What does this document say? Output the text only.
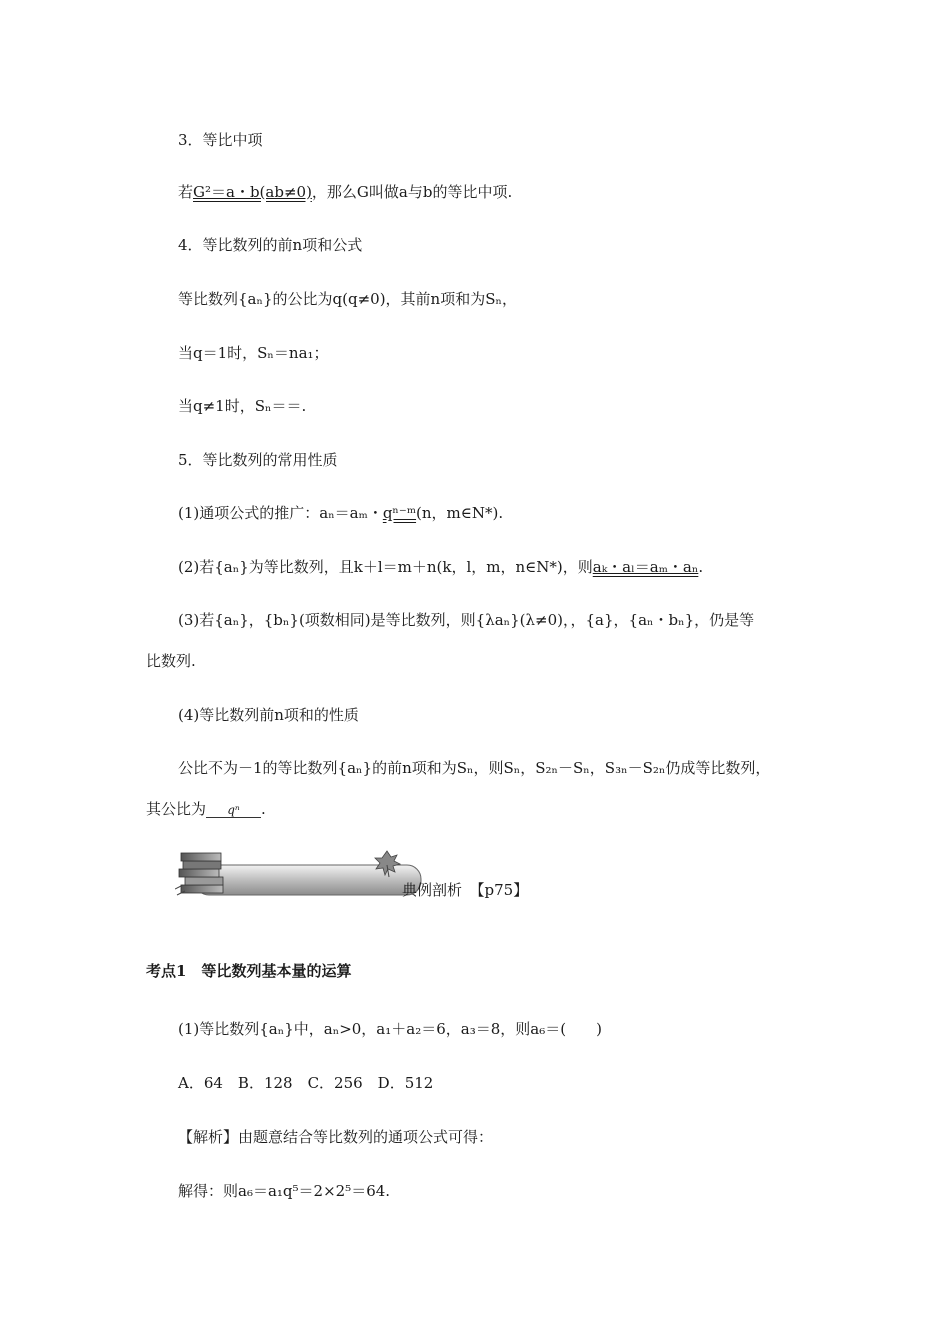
3．等比中项
若G²＝a・b(ab≠0)，那么G叫做a与b的等比中项.
4．等比数列的前n项和公式
等比数列{aₙ}的公比为q(q≠0)，其前n项和为Sₙ，
当q＝1时，Sₙ＝na₁；
当q≠1时，Sₙ＝＝.
5．等比数列的常用性质
(1)通项公式的推广：aₙ＝aₘ・qⁿ⁻ᵐ(n，m∈N*).
(2)若{aₙ}为等比数列，且k＋l＝m＋n(k，l，m，n∈N*)，则aₖ・aₗ＝aₘ・aₙ.
(3)若{aₙ}，{bₙ}(项数相同)是等比数列，则{λaₙ}(λ≠0)，，{a}，{aₙ・bₙ}，仍是等
比数列.
(4)等比数列前n项和的性质
公比不为－1的等比数列{aₙ}的前n项和为Sₙ，则Sₙ，S₂ₙ－Sₙ，S₃ₙ－S₂ₙ仍成等比数列，
其公比为 qⁿ .
典例剖析　【p75】
考点1　等比数列基本量的运算
(1)等比数列{aₙ}中，aₙ>0，a₁＋a₂＝6，a₃＝8，则a₆＝(　　)
A．64　B．128　C．256　D．512
【解析】由题意结合等比数列的通项公式可得：
解得：则a₆＝a₁q⁵＝2×2⁵＝64.
